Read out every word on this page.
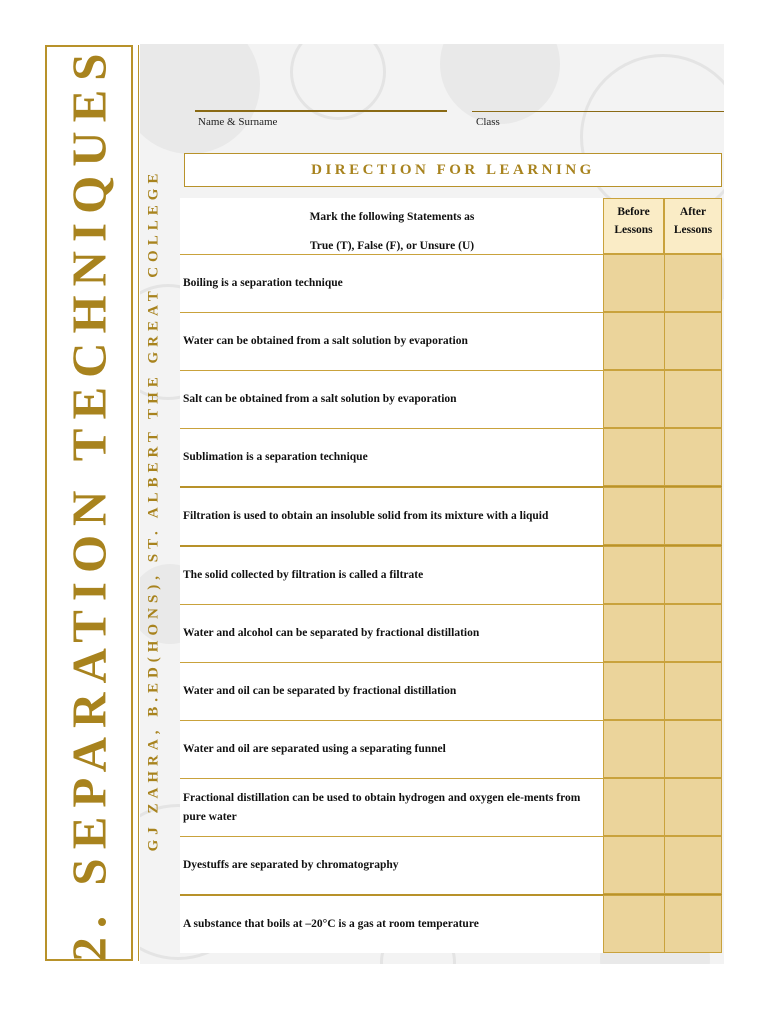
2. SEPARATION TECHNIQUES GJ ZAHRA, B.ED(HONS), ST. ALBERT THE GREAT COLLEGE
Name & Surname	Class
DIRECTION FOR LEARNING
Mark the following Statements as
True (T), False (F), or Unsure (U)
Before Lessons
After Lessons
Boiling is a separation technique
Water can be obtained from a salt solution by evaporation
Salt can be obtained from a salt solution by evaporation
Sublimation is a separation technique
Filtration is used to obtain an insoluble solid from its mixture with a liquid
The solid collected by filtration is called a filtrate
Water and alcohol can be separated by fractional distillation
Water and oil can be separated by fractional distillation
Water and oil are separated using a separating funnel
Fractional distillation can be used to obtain hydrogen and oxygen ele-ments from pure water
Dyestuffs are separated by chromatography
A substance that boils at –20°C is a gas at room temperature
